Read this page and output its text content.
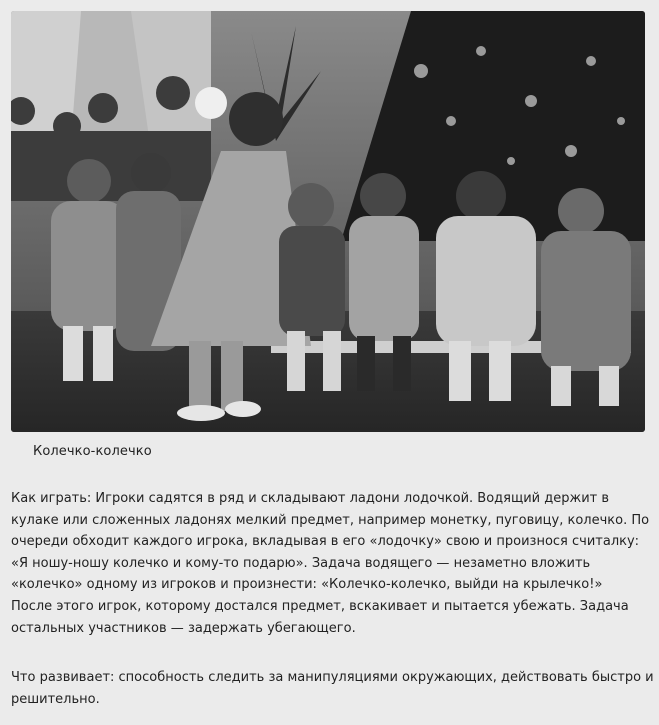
Колечко-колечко
Как играть: Игроки садятся в ряд и складывают ладони лодочкой. Водящий держит в
кулаке или сложенных ладонях мелкий предмет, например монетку, пуговицу, колечко. По
очереди обходит каждого игрока, вкладывая в его «лодочку» свою и произнося считалку:
«Я ношу-ношу колечко и кому-то подарю». Задача водящего — незаметно вложить
«колечко» одному из игроков и произнести: «Колечко-колечко, выйди на крылечко!»
После этого игрок, которому достался предмет, вскакивает и пытается убежать. Задача
остальных участников — задержать убегающего.
Что развивает: способность следить за манипуляциями окружающих, действовать быстро и
решительно.
